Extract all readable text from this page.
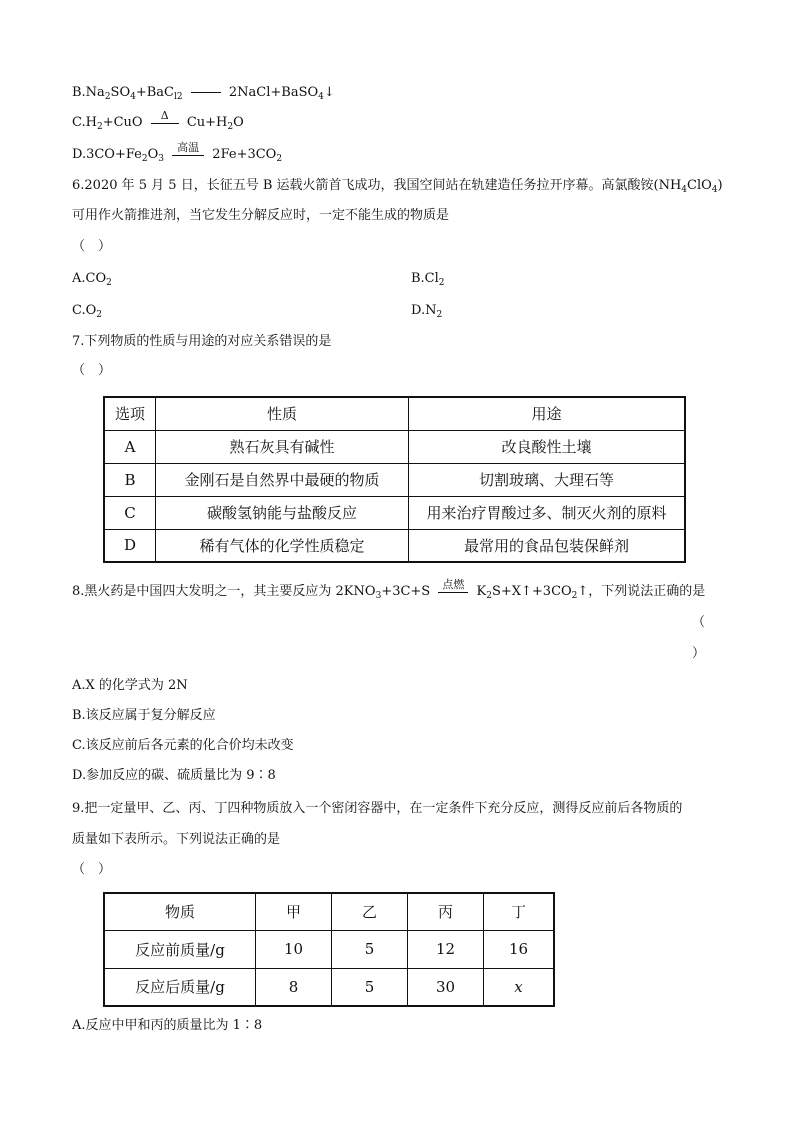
$B.Na_2SO_4+BaC_{l2}$	2NaCl+BaSO$_4$↓
$C.H_2+CuO$	Δ	$Cu+H_2O$
$D.3CO+Fe_2O_3$
高温	$2Fe+3CO_2$
6.2020 年 5 月 5 日，长征五号 B 运载火箭首飞成功，我国空间站在轨建造任务拉开序幕。高氯酸铵$(NH_4ClO_4)$
可用作火箭推进剂，当它发生分解反应时，一定不能生成的物质是
（　）
$A.CO_2$	$B.Cl_2$
$C.O_2$	$D.N_2$
7.下列物质的性质与用途的对应关系错误的是
（　）
选项	性质	用途
A	熟石灰具有碱性	改良酸性土壤
B	金刚石是自然界中最硬的物质	切割玻璃、大理石等
C	碳酸氢钠能与盐酸反应	用来治疗胃酸过多、制灭火剂的原料
D	稀有气体的化学性质稳定	最常用的食品包装保鲜剂
8.黑火药是中国四大发明之一，其主要反应为 $2KNO_3+3C+S$	点燃 $K_2S+X↑+3CO_2↑$，下列说法正确的是
（
）
A.X 的化学式为 2N
B.该反应属于复分解反应
C.该反应前后各元素的化合价均未改变
D.参加反应的碳、硫质量比为 9∶8
9.把一定量甲、乙、丙、丁四种物质放入一个密闭容器中，在一定条件下充分反应，测得反应前后各物质的
质量如下表所示。下列说法正确的是
（　）
物质	甲	乙	丙	丁
反应前质量/g	10	5	12	16
反应后质量/g	8	5	30	x
A.反应中甲和丙的质量比为 1∶8
